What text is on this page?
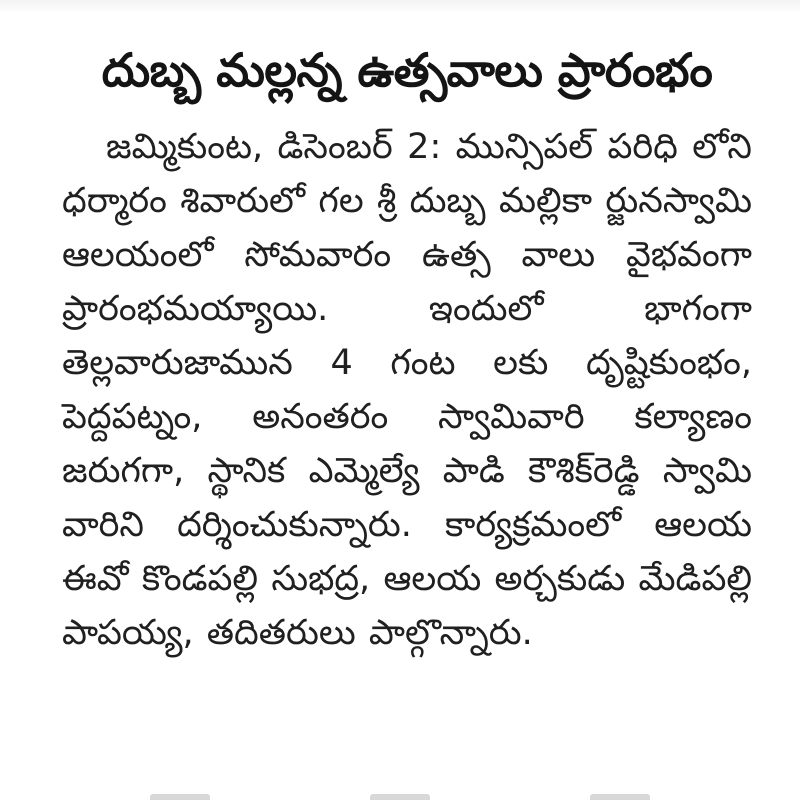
దుబ్బ మల్లన్న ఉత్సవాలు ప్రారంభం

జమ్మికుంట, డిసెంబర్ 2: మున్సిపల్ పరిధి లోని ధర్మారం శివారులో గల శ్రీ దుబ్బ మల్లికా ర్జునస్వామి ఆలయంలో సోమవారం ఉత్స వాలు వైభవంగా ప్రారంభమయ్యాయి. ఇందులో భాగంగా తెల్లవారుజామున 4 గంట లకు దృష్టికుంభం, పెద్దపట్నం, అనంతరం స్వామివారి కల్యాణం జరుగగా, స్థానిక ఎమ్మెల్యే పాడి కౌశిక్‌రెడ్డి స్వామి వారిని దర్శించుకున్నారు. కార్యక్రమంలో ఆలయ ఈవో కొండపల్లి సుభద్ర, ఆలయ అర్చకుడు మేడిపల్లి పాపయ్య, తదితరులు పాల్గొన్నారు.
